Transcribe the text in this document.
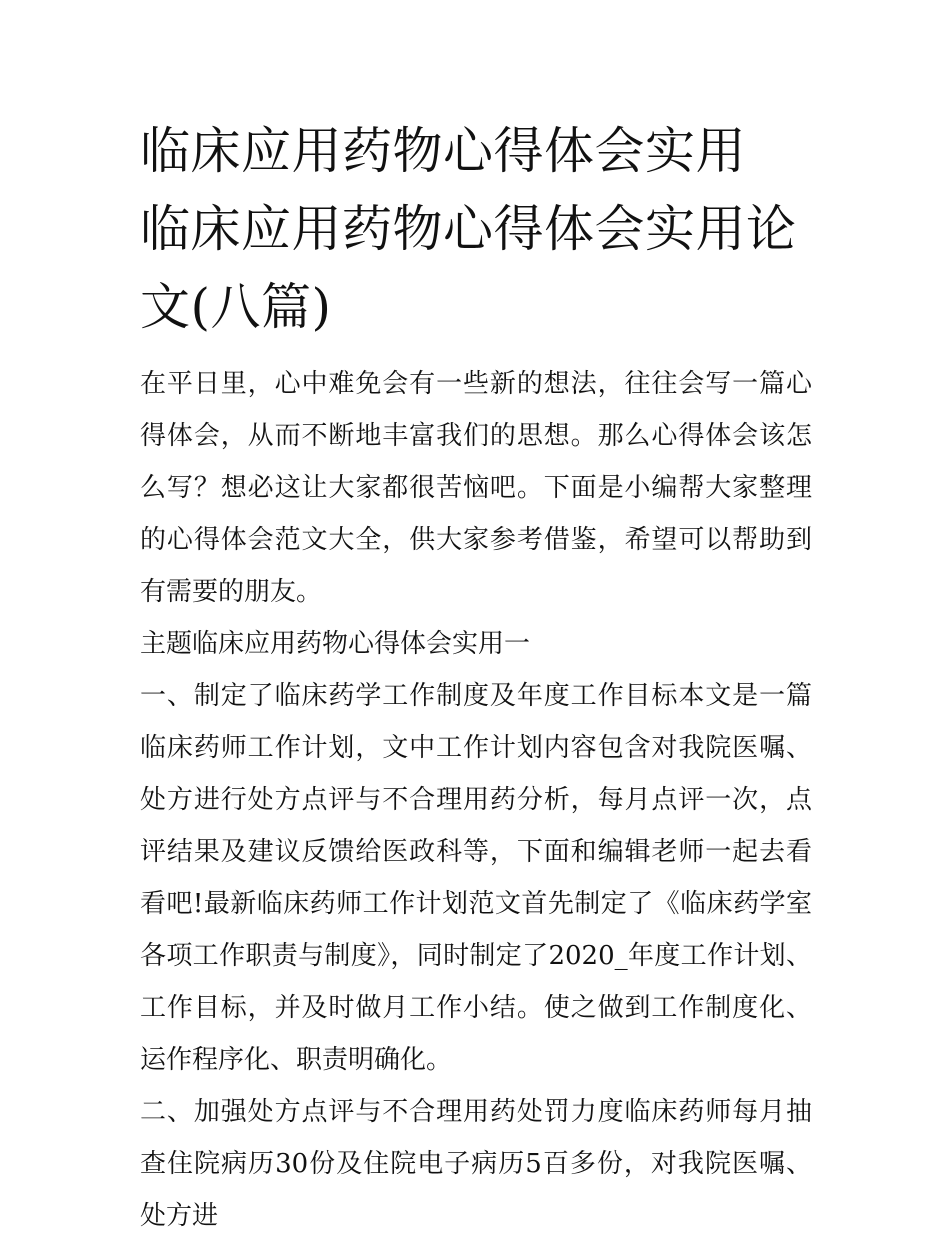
临床应用药物心得体会实用 临床应用药物心得体会实用论文(八篇)

在平日里，心中难免会有一些新的想法，往往会写一篇心得体会，从而不断地丰富我们的思想。那么心得体会该怎么写？想必这让大家都很苦恼吧。下面是小编帮大家整理的心得体会范文大全，供大家参考借鉴，希望可以帮助到有需要的朋友。

主题临床应用药物心得体会实用一

一、制定了临床药学工作制度及年度工作目标本文是一篇临床药师工作计划，文中工作计划内容包含对我院医嘱、处方进行处方点评与不合理用药分析，每月点评一次，点评结果及建议反馈给医政科等，下面和编辑老师一起去看看吧!最新临床药师工作计划范文首先制定了《临床药学室各项工作职责与制度》，同时制定了2020_年度工作计划、工作目标，并及时做月工作小结。使之做到工作制度化、运作程序化、职责明确化。

二、加强处方点评与不合理用药处罚力度临床药师每月抽查住院病历30份及住院电子病历5百多份，对我院医嘱、处方进
